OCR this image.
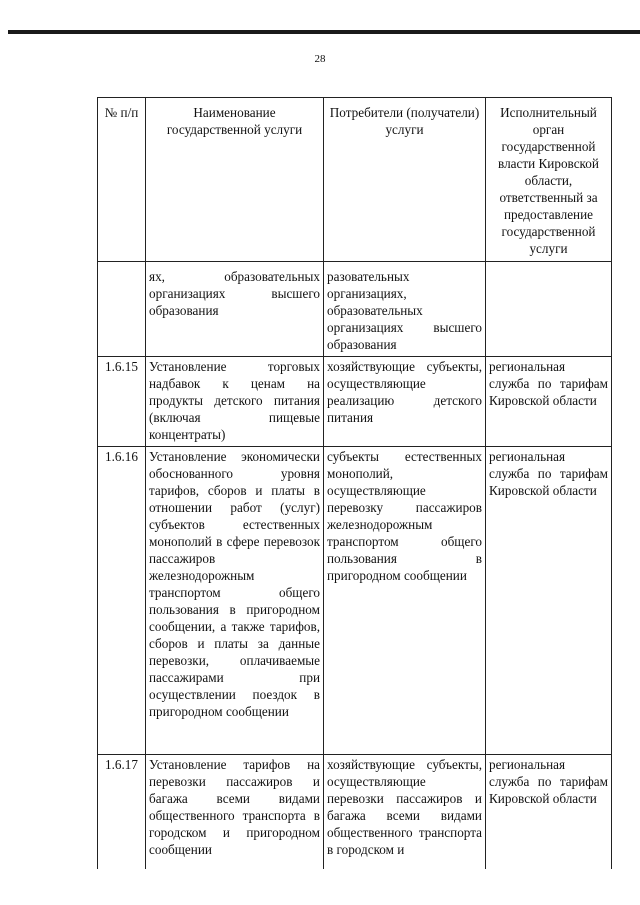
28
№ п/п	Наименование государственной услуги	Потребители (получатели) услуги	Исполнительный орган государственной власти Кировской области, ответственный за предоставление государственной услуги
	ях, образовательных организациях высшего образования	разовательных организациях, образовательных организациях высшего образования	
1.6.15	Установление торговых надбавок к ценам на продукты детского питания (включая пищевые концентраты)	хозяйствующие субъекты, осуществляющие реализацию детского питания	региональная служба по тарифам Кировской области
1.6.16	Установление экономически обоснованного уровня тарифов, сборов и платы в отношении работ (услуг) субъектов естественных монополий в сфере перевозок пассажиров железнодорожным транспортом общего пользования в пригородном сообщении, а также тарифов, сборов и платы за данные перевозки, оплачиваемые пассажирами при осуществлении поездок в пригородном сообщении	субъекты естественных монополий, осуществляющие перевозку пассажиров железнодорожным транспортом общего пользования в пригородном сообщении	региональная служба по тарифам Кировской области
1.6.17	Установление тарифов на перевозки пассажиров и багажа всеми видами общественного транспорта в городском и пригородном сообщении	хозяйствующие субъекты, осуществляющие перевозки пассажиров и багажа всеми видами общественного транспорта в городском и	региональная служба по тарифам Кировской области
